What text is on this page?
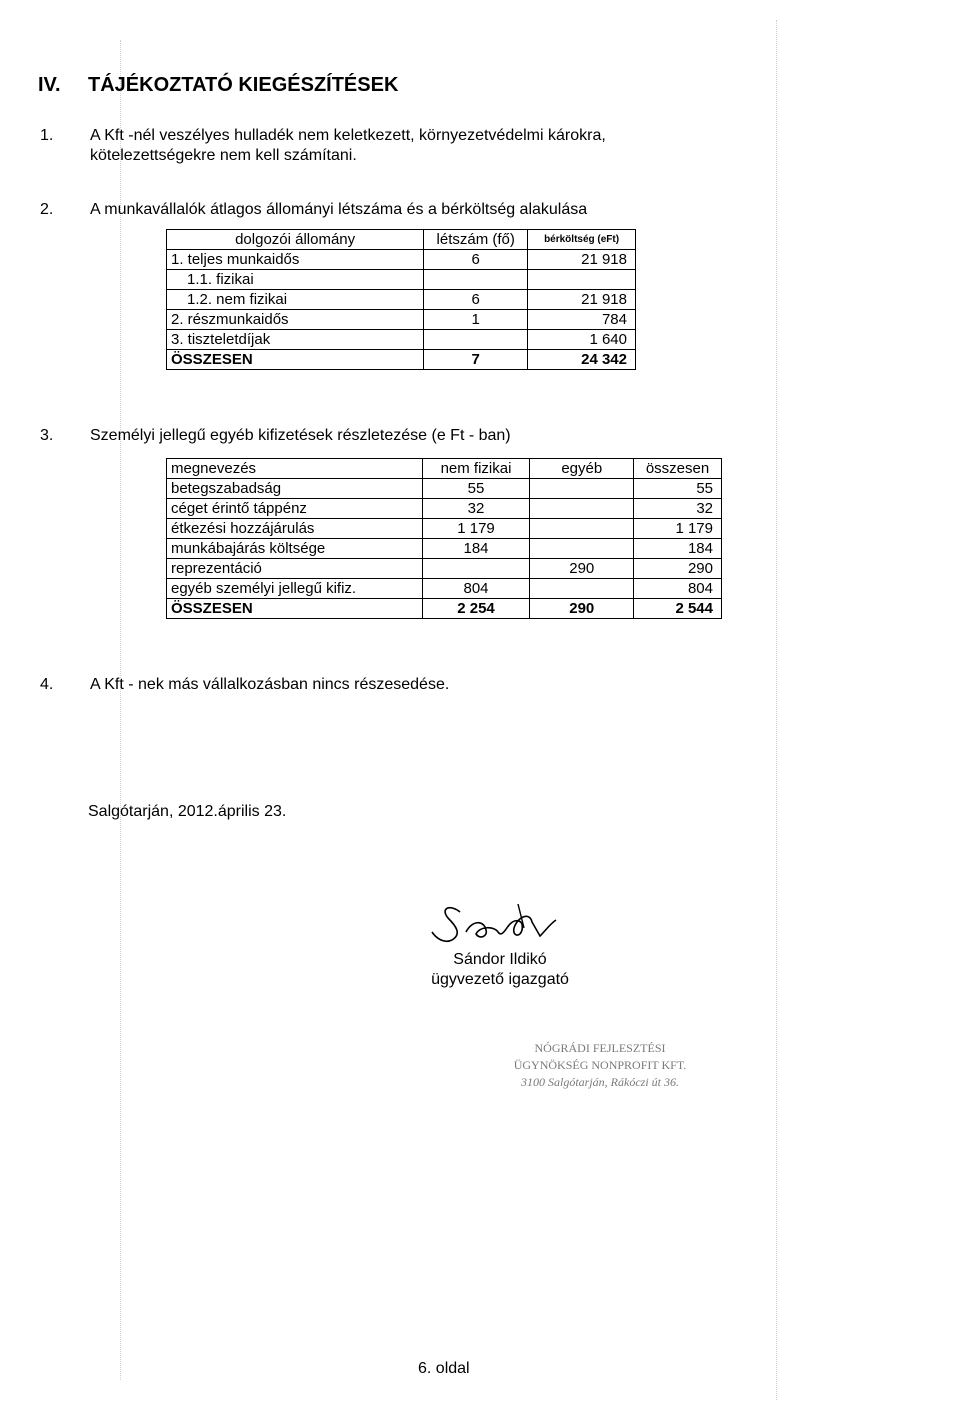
IV. TÁJÉKOZTATÓ KIEGÉSZÍTÉSEK
1. A Kft -nél veszélyes hulladék nem keletkezett, környezetvédelmi károkra,
kötelezettségekre nem kell számítani.
2. A munkavállalók átlagos állományi létszáma és a bérköltség alakulása
dolgozói állomány	létszám (fő)	bérköltség (eFt)
1. teljes munkaidős	6	21 918
1.1. fizikai		
1.2. nem fizikai	6	21 918
2. részmunkaidős	1	784
3. tiszteletdíjak		1 640
ÖSSZESEN	7	24 342
3. Személyi jellegű egyéb kifizetések részletezése (e Ft - ban)
megnevezés	nem fizikai	egyéb	összesen
betegszabadság	55		55
céget érintő táppénz	32		32
étkezési hozzájárulás	1 179		1 179
munkábajárás költsége	184		184
reprezentáció		290	290
egyéb személyi jellegű kifiz.	804		804
ÖSSZESEN	2 254	290	2 544
4. A Kft - nek más vállalkozásban nincs részesedése.
Salgótarján, 2012.április 23.
Sándor Ildikó
ügyvezető igazgató
NÓGRÁDI FEJLESZTÉSI
ÜGYNÖKSÉG NONPROFIT KFT.
3100 Salgótarján, Rákóczi út 36.
6. oldal
